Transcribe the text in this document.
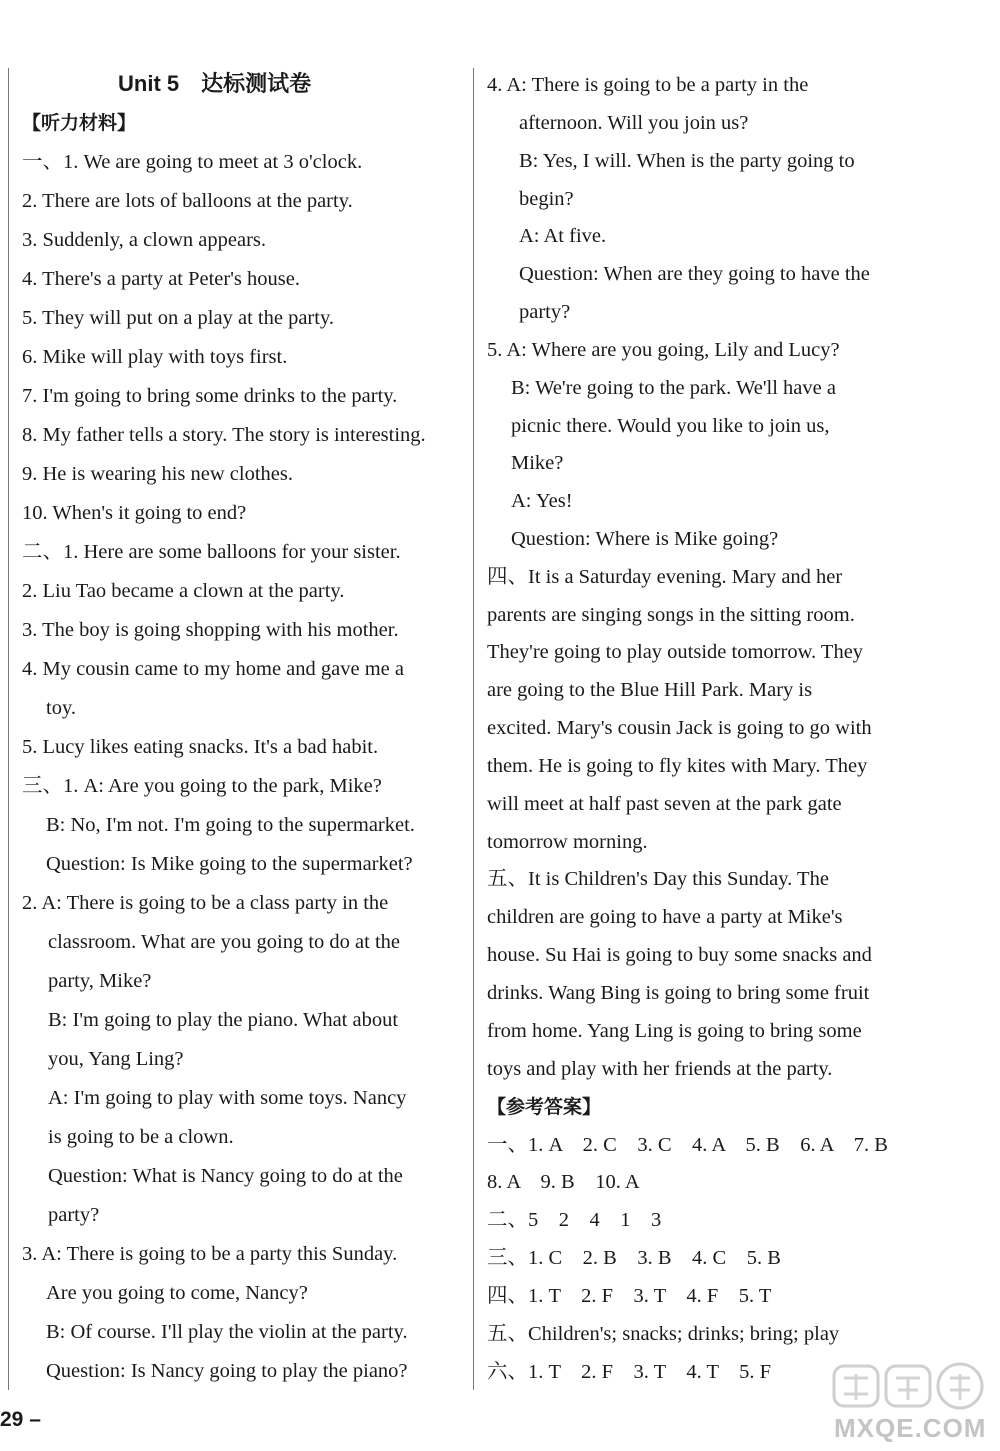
Unit 5　达标测试卷
【听力材料】
一、1. We are going to meet at 3 o'clock.
2. There are lots of balloons at the party.
3. Suddenly, a clown appears.
4. There's a party at Peter's house.
5. They will put on a play at the party.
6. Mike will play with toys first.
7. I'm going to bring some drinks to the party.
8. My father tells a story. The story is interesting.
9. He is wearing his new clothes.
10. When's it going to end?
二、1. Here are some balloons for your sister.
2. Liu Tao became a clown at the party.
3. The boy is going shopping with his mother.
4. My cousin came to my home and gave me a
toy.
5. Lucy likes eating snacks. It's a bad habit.
三、1. A: Are you going to the park, Mike?
B: No, I'm not. I'm going to the supermarket.
Question: Is Mike going to the supermarket?
2. A: There is going to be a class party in the
classroom. What are you going to do at the
party, Mike?
B: I'm going to play the piano. What about
you, Yang Ling?
A: I'm going to play with some toys. Nancy
is going to be a clown.
Question: What is Nancy going to do at the
party?
3. A: There is going to be a party this Sunday.
Are you going to come, Nancy?
B: Of course. I'll play the violin at the party.
Question: Is Nancy going to play the piano?
4. A: There is going to be a party in the
afternoon. Will you join us?
B: Yes, I will. When is the party going to
begin?
A: At five.
Question: When are they going to have the
party?
5. A: Where are you going, Lily and Lucy?
B: We're going to the park. We'll have a
picnic there. Would you like to join us,
Mike?
A: Yes!
Question: Where is Mike going?
四、It is a Saturday evening. Mary and her
parents are singing songs in the sitting room.
They're going to play outside tomorrow. They
are going to the Blue Hill Park. Mary is
excited. Mary's cousin Jack is going to go with
them. He is going to fly kites with Mary. They
will meet at half past seven at the park gate
tomorrow morning.
五、It is Children's Day this Sunday. The
children are going to have a party at Mike's
house. Su Hai is going to buy some snacks and
drinks. Wang Bing is going to bring some fruit
from home. Yang Ling is going to bring some
toys and play with her friends at the party.
【参考答案】
一、1. A　2. C　3. C　4. A　5. B　6. A　7. B
8. A　9. B　10. A
二、5　2　4　1　3
三、1. C　2. B　3. B　4. C　5. B
四、1. T　2. F　3. T　4. F　5. T
五、Children's; snacks; drinks; bring; play
六、1. T　2. F　3. T　4. T　5. F
29 –	MXQE.COM
